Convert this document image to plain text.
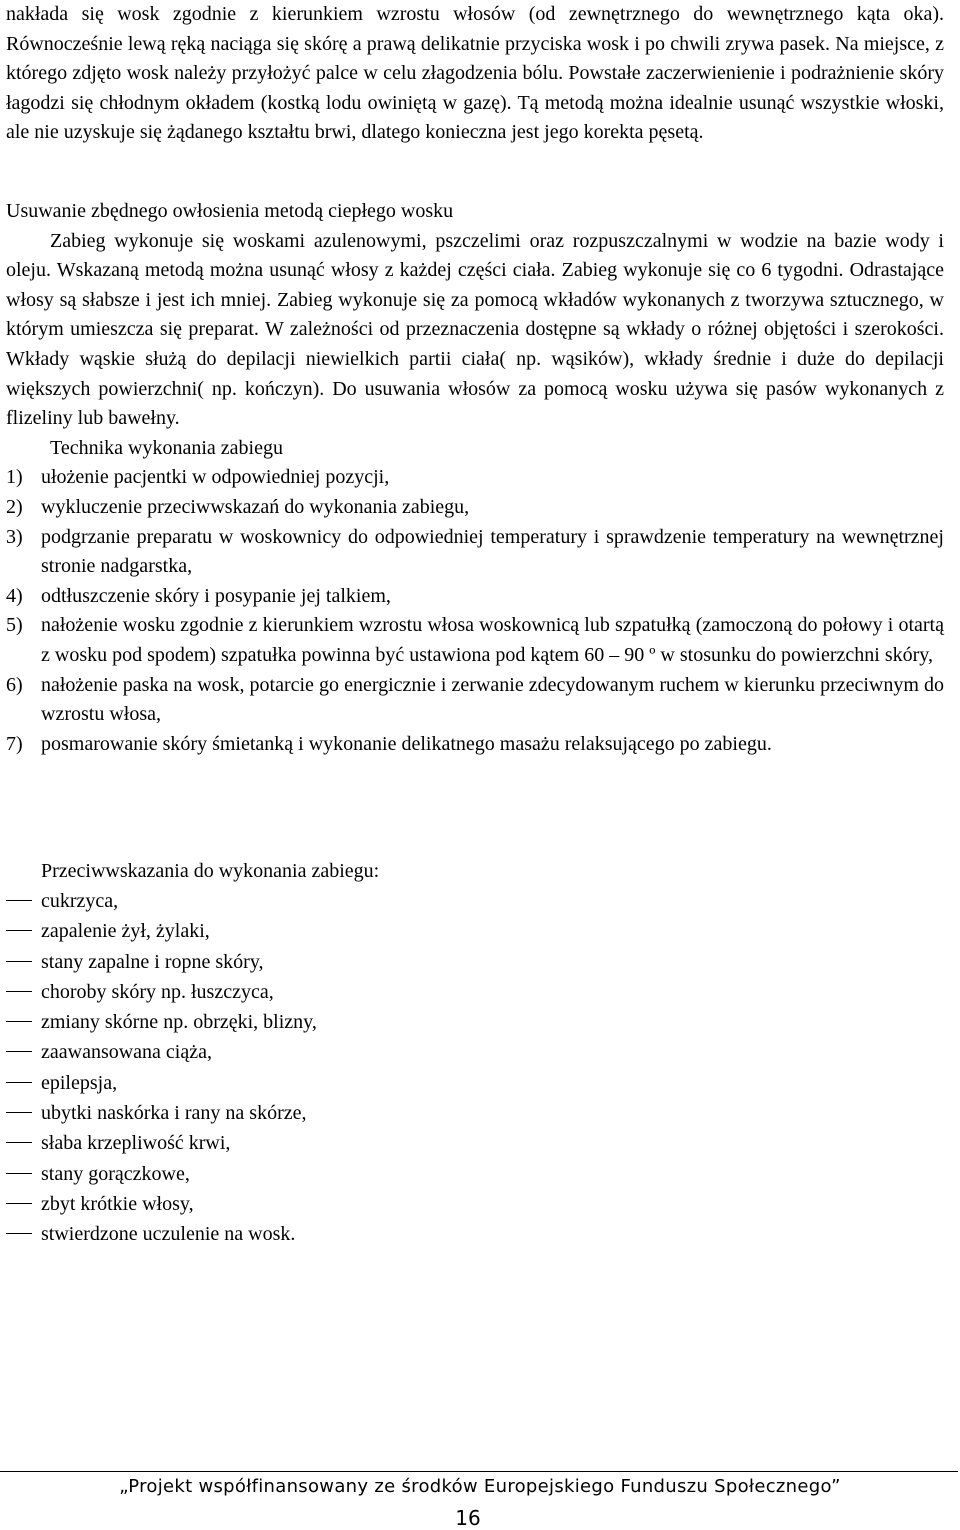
nakłada się wosk zgodnie z kierunkiem wzrostu włosów (od zewnętrznego do wewnętrznego kąta oka). Równocześnie lewą ręką naciąga się skórę a prawą delikatnie przyciska wosk i po chwili zrywa pasek. Na miejsce, z którego zdjęto wosk należy przyłożyć palce w celu złagodzenia bólu. Powstałe zaczerwienienie i podrażnienie skóry łagodzi się chłodnym okładem (kostką lodu owiniętą w gazę). Tą metodą można idealnie usunąć wszystkie włoski, ale nie uzyskuje się żądanego kształtu brwi, dlatego konieczna jest jego korekta pęsetą.

Usuwanie zbędnego owłosienia metodą ciepłego wosku

Zabieg wykonuje się woskami azulenowymi, pszczelimi oraz rozpuszczalnymi w wodzie na bazie wody i oleju. Wskazaną metodą można usunąć włosy z każdej części ciała. Zabieg wykonuje się co 6 tygodni. Odrastające włosy są słabsze i jest ich mniej. Zabieg wykonuje się za pomocą wkładów wykonanych z tworzywa sztucznego, w którym umieszcza się preparat. W zależności od przeznaczenia dostępne są wkłady o różnej objętości i szerokości. Wkłady wąskie służą do depilacji niewielkich partii ciała( np. wąsików), wkłady średnie i duże do depilacji większych powierzchni( np. kończyn). Do usuwania włosów za pomocą wosku używa się pasów wykonanych z flizeliny lub bawełny.

Technika wykonania zabiegu

1) ułożenie pacjentki w odpowiedniej pozycji,
2) wykluczenie przeciwwskazań do wykonania zabiegu,
3) podgrzanie preparatu w woskownicy do odpowiedniej temperatury i sprawdzenie temperatury na wewnętrznej stronie nadgarstka,
4) odtłuszczenie skóry i posypanie jej talkiem,
5) nałożenie wosku zgodnie z kierunkiem wzrostu włosa woskownicą lub szpatułką (zamoczoną do połowy i otartą z wosku pod spodem) szpatułka powinna być ustawiona pod kątem 60 – 90 º w stosunku do powierzchni skóry,
6) nałożenie paska na wosk, potarcie go energicznie i zerwanie zdecydowanym ruchem w kierunku przeciwnym do wzrostu włosa,
7) posmarowanie skóry śmietanką i wykonanie delikatnego masażu relaksującego po zabiegu.
Przeciwwskazania do wykonania zabiegu:
cukrzyca,
zapalenie żył, żylaki,
stany zapalne i ropne skóry,
choroby skóry np. łuszczyca,
zmiany skórne np. obrzęki, blizny,
zaawansowana ciąża,
epilepsja,
ubytki naskórka i rany na skórze,
słaba krzepliwość krwi,
stany gorączkowe,
zbyt krótkie włosy,
stwierdzone uczulenie na wosk.
„Projekt współfinansowany ze środków Europejskiego Funduszu Społecznego”
16
